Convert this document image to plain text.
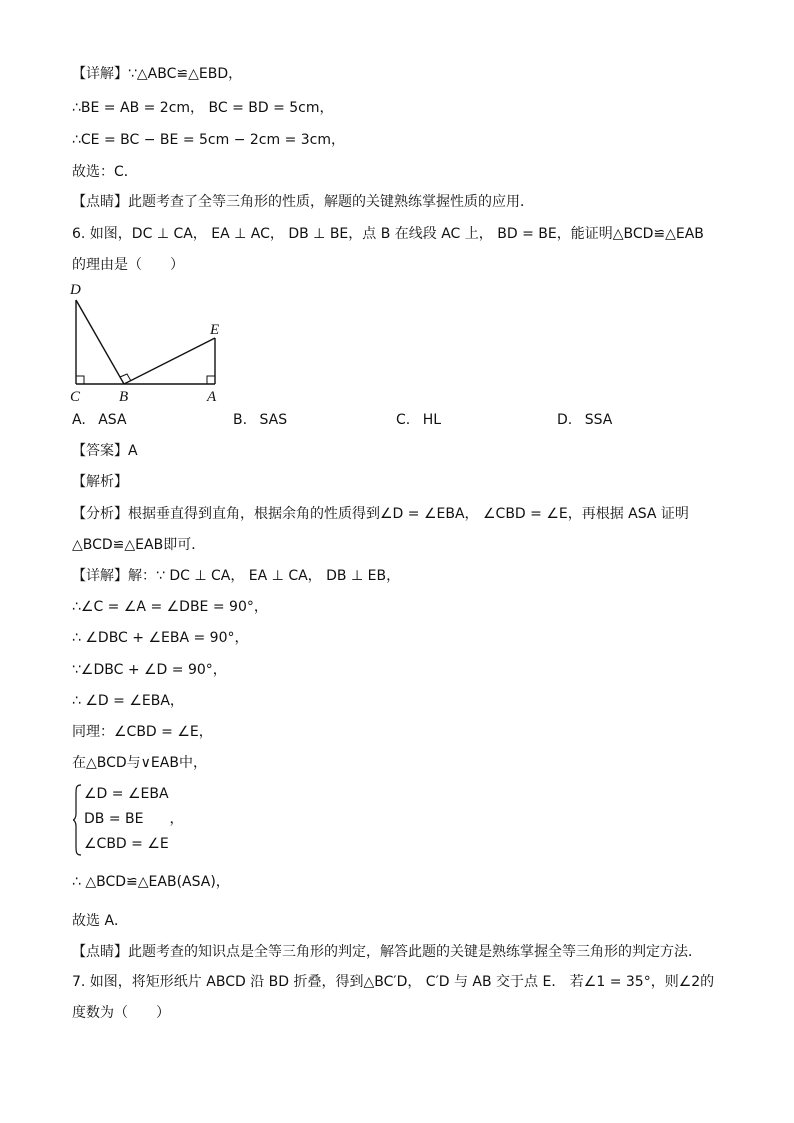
【详解】∵△ABC≌△EBD，
∴BE = AB = 2cm， BC = BD = 5cm，
∴CE = BC − BE = 5cm − 2cm = 3cm，
故选：C．
【点睛】此题考查了全等三角形的性质，解题的关键熟练掌握性质的应用．
6. 如图，DC ⊥ CA， EA ⊥ AC， DB ⊥ BE，点 B 在线段 AC 上， BD = BE，能证明△BCD≌△EAB
的理由是（　　）
D
E
C	B	A
A. ASA	B. SAS	C. HL	D. SSA
【答案】A
【解析】
【分析】根据垂直得到直角，根据余角的性质得到∠D = ∠EBA， ∠CBD = ∠E，再根据 ASA 证明
△BCD≌△EAB即可．
【详解】解：∵ DC ⊥ CA， EA ⊥ CA， DB ⊥ EB，
∴∠C = ∠A = ∠DBE = 90°，
∴ ∠DBC + ∠EBA = 90°，
∵∠DBC + ∠D = 90°，
∴ ∠D = ∠EBA，
同理：∠CBD = ∠E，
在△BCD与∨EAB中，
∠D = ∠EBA
DB = BE ，
∠CBD = ∠E
∴ △BCD≌△EAB(ASA)，
故选 A．
【点睛】此题考查的知识点是全等三角形的判定，解答此题的关键是熟练掌握全等三角形的判定方法．
7. 如图，将矩形纸片 ABCD 沿 BD 折叠，得到△BC′D， C′D 与 AB 交于点 E． 若∠1 = 35°，则∠2的
度数为（　　）
